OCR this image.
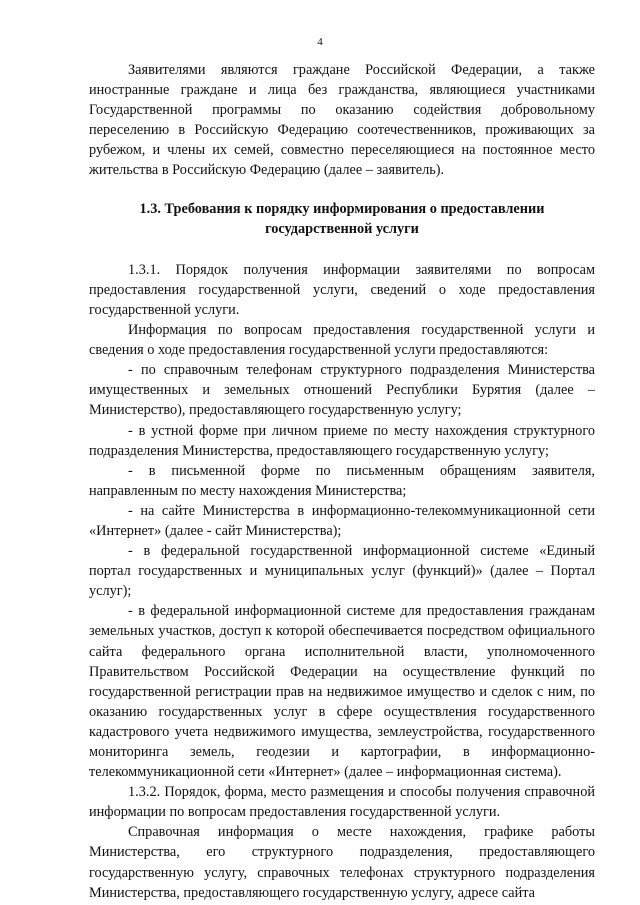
4

Заявителями являются граждане Российской Федерации, а также иностранные граждане и лица без гражданства, являющиеся участниками Государственной программы по оказанию содействия добровольному переселению в Российскую Федерацию соотечественников, проживающих за рубежом, и члены их семей, совместно переселяющиеся на постоянное место жительства в Российскую Федерацию (далее – заявитель).

1.3. Требования к порядку информирования о предоставлении государственной услуги

1.3.1. Порядок получения информации заявителями по вопросам предоставления государственной услуги, сведений о ходе предоставления государственной услуги.

Информация по вопросам предоставления государственной услуги и сведения о ходе предоставления государственной услуги предоставляются:

- по справочным телефонам структурного подразделения Министерства имущественных и земельных отношений Республики Бурятия (далее – Министерство), предоставляющего государственную услугу;

- в устной форме при личном приеме по месту нахождения структурного подразделения Министерства, предоставляющего государственную услугу;

- в письменной форме по письменным обращениям заявителя, направленным по месту нахождения Министерства;

- на сайте Министерства в информационно-телекоммуникационной сети «Интернет» (далее - сайт Министерства);

- в федеральной государственной информационной системе «Единый портал государственных и муниципальных услуг (функций)» (далее – Портал услуг);

- в федеральной информационной системе для предоставления гражданам земельных участков, доступ к которой обеспечивается посредством официального сайта федерального органа исполнительной власти, уполномоченного Правительством Российской Федерации на осуществление функций по государственной регистрации прав на недвижимое имущество и сделок с ним, по оказанию государственных услуг в сфере осуществления государственного кадастрового учета недвижимого имущества, землеустройства, государственного мониторинга земель, геодезии и картографии, в информационно-телекоммуникационной сети «Интернет» (далее – информационная система).

1.3.2. Порядок, форма, место размещения и способы получения справочной информации по вопросам предоставления государственной услуги.

Справочная информация о месте нахождения, графике работы Министерства, его структурного подразделения, предоставляющего государственную услугу, справочных телефонах структурного подразделения Министерства, предоставляющего государственную услугу, адресе сайта
